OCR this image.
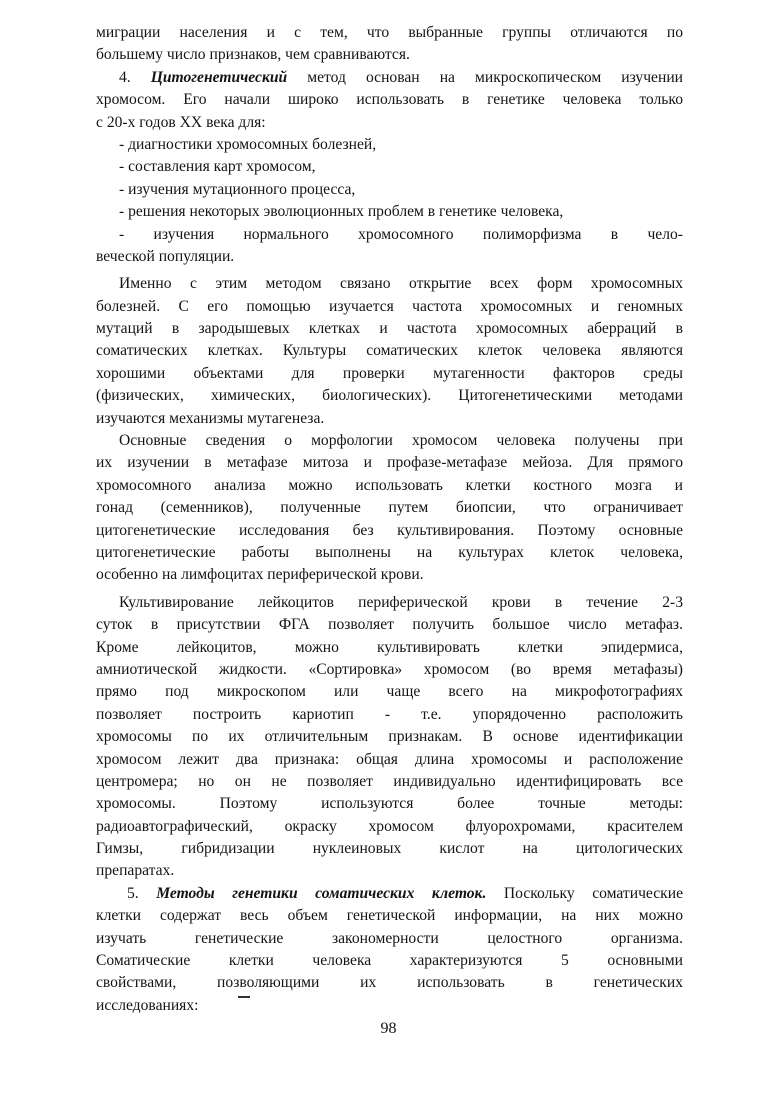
миграции населения и с тем, что выбранные группы отличаются по
большему число признаков, чем сравниваются.
4. Цитогенетический метод основан на микроскопическом изучении
хромосом. Его начали широко использовать в генетике человека только
с 20-х годов XX века для:
- диагностики хромосомных болезней,
- составления карт хромосом,
- изучения мутационного процесса,
- решения некоторых эволюционных проблем в генетике человека,
- изучения нормального хромосомного полиморфизма в чело-
веческой популяции.
Именно с этим методом связано открытие всех форм хромосомных
болезней. С его помощью изучается частота хромосомных и геномных
мутаций в зародышевых клетках и частота хромосомных аберраций в
соматических клетках. Культуры соматических клеток человека являются
хорошими объектами для проверки мутагенности факторов среды
(физических, химических, биологических). Цитогенетическими методами
изучаются механизмы мутагенеза.
Основные сведения о морфологии хромосом человека получены при
их изучении в метафазе митоза и профазе-метафазе мейоза. Для прямого
хромосомного анализа можно использовать клетки костного мозга и
гонад (семенников), полученные путем биопсии, что ограничивает
цитогенетические исследования без культивирования. Поэтому основные
цитогенетические работы выполнены на культурах клеток человека,
особенно на лимфоцитах периферической крови.
Культивирование лейкоцитов периферической крови в течение 2-3
суток в присутствии ФГА позволяет получить большое число метафаз.
Кроме лейкоцитов, можно культивировать клетки эпидермиса,
амниотической жидкости. «Сортировка» хромосом (во время метафазы)
прямо под микроскопом или чаще всего на микрофотографиях
позволяет построить кариотип - т.е. упорядоченно расположить
хромосомы по их отличительным признакам. В основе идентификации
хромосом лежит два признака: общая длина хромосомы и расположение
центромера; но он не позволяет индивидуально идентифицировать все
хромосомы. Поэтому используются более точные методы:
радиоавтографический, окраску хромосом флуорохромами, красителем
Гимзы, гибридизации нуклеиновых кислот на цитологических
препаратах.
5. Методы генетики соматических клеток. Поскольку соматические
клетки содержат весь объем генетической информации, на них можно
изучать генетические закономерности целостного организма.
Соматические клетки человека характеризуются 5 основными
свойствами, позволяющими их использовать в генетических
исследованиях:
98
